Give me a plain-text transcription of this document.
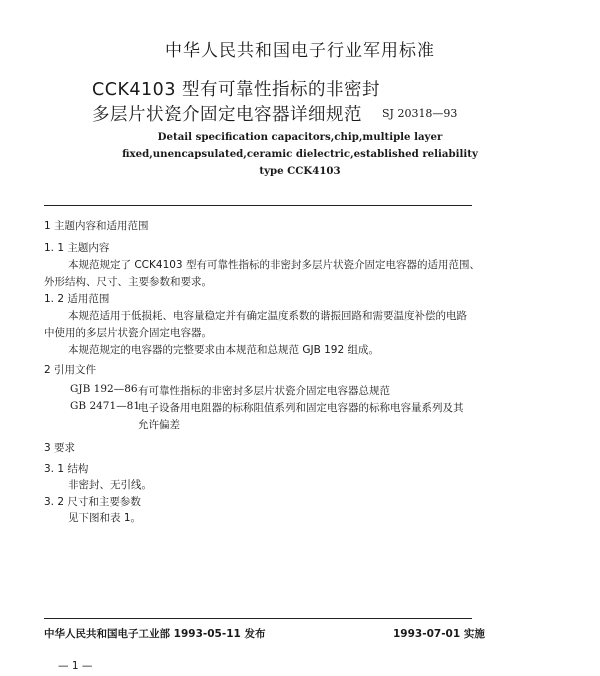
中华人民共和国电子行业军用标准
CCK4103 型有可靠性指标的非密封
多层片状瓷介固定电容器详细规范 SJ 20318—93
Detail specification capacitors,chip,multiple layer
fixed,unencapsulated,ceramic dielectric,established reliability
type CCK4103
1 主题内容和适用范围
1. 1 主题内容
本规范规定了 CCK4103 型有可靠性指标的非密封多层片状瓷介固定电容器的适用范围、
外形结构、尺寸、主要参数和要求。
1. 2 适用范围
本规范适用于低损耗、电容量稳定并有确定温度系数的谐振回路和需要温度补偿的电路
中使用的多层片状瓷介固定电容器。
本规范规定的电容器的完整要求由本规范和总规范 GJB 192 组成。
2 引用文件
GJB 192—86 有可靠性指标的非密封多层片状瓷介固定电容器总规范
GB 2471—81
电子设备用电阻器的标称阻值系列和固定电容器的标称电容量系列及其
允许偏差
3 要求
3. 1 结构
非密封、无引线。
3. 2 尺寸和主要参数
见下图和表 1。
中华人民共和国电子工业部 1993-05-11 发布	1993-07-01 实施
— 1 —
